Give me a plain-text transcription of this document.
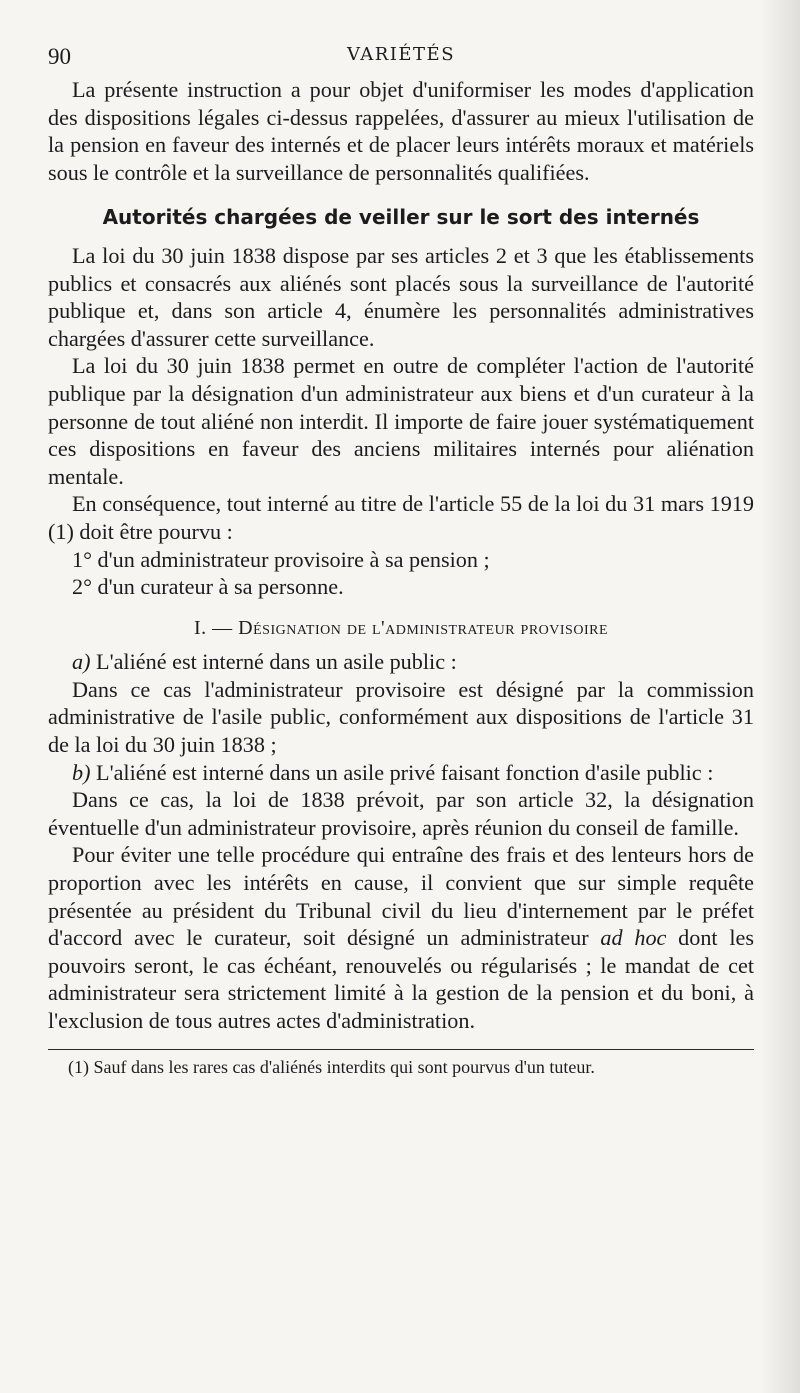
90	VARIÉTÉS

La présente instruction a pour objet d'uniformiser les modes d'application des dispositions légales ci-dessus rappelées, d'assurer au mieux l'utilisation de la pension en faveur des internés et de placer leurs intérêts moraux et matériels sous le contrôle et la surveillance de personnalités qualifiées.

Autorités chargées de veiller sur le sort des internés

La loi du 30 juin 1838 dispose par ses articles 2 et 3 que les établissements publics et consacrés aux aliénés sont placés sous la surveillance de l'autorité publique et, dans son article 4, énumère les personnalités administratives chargées d'assurer cette surveillance.

La loi du 30 juin 1838 permet en outre de compléter l'action de l'autorité publique par la désignation d'un administrateur aux biens et d'un curateur à la personne de tout aliéné non interdit. Il importe de faire jouer systématiquement ces dispositions en faveur des anciens militaires internés pour aliénation mentale.

En conséquence, tout interné au titre de l'article 55 de la loi du 31 mars 1919 (1) doit être pourvu :

1° d'un administrateur provisoire à sa pension ;
2° d'un curateur à sa personne.
I. — Désignation de l'administrateur provisoire

a) L'aliéné est interné dans un asile public :

Dans ce cas l'administrateur provisoire est désigné par la commission administrative de l'asile public, conformément aux dispositions de l'article 31 de la loi du 30 juin 1838 ;

b) L'aliéné est interné dans un asile privé faisant fonction d'asile public :

Dans ce cas, la loi de 1838 prévoit, par son article 32, la désignation éventuelle d'un administrateur provisoire, après réunion du conseil de famille.

Pour éviter une telle procédure qui entraîne des frais et des lenteurs hors de proportion avec les intérêts en cause, il convient que sur simple requête présentée au président du Tribunal civil du lieu d'internement par le préfet d'accord avec le curateur, soit désigné un administrateur ad hoc dont les pouvoirs seront, le cas échéant, renouvelés ou régularisés ; le mandat de cet administrateur sera strictement limité à la gestion de la pension et du boni, à l'exclusion de tous autres actes d'administration.

(1) Sauf dans les rares cas d'aliénés interdits qui sont pourvus d'un tuteur.
